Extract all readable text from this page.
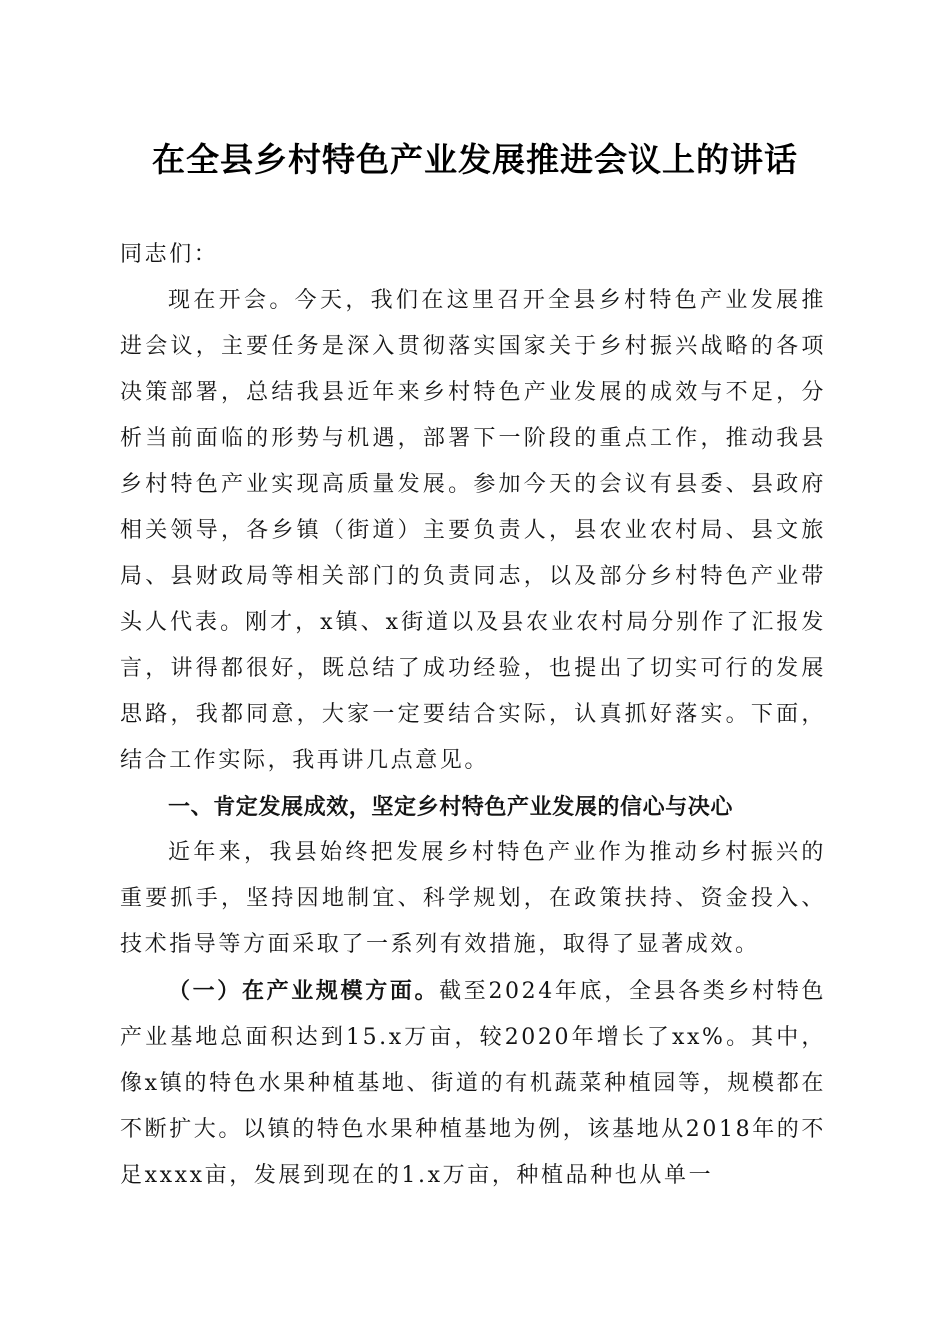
在全县乡村特色产业发展推进会议上的讲话

同志们：

现在开会。今天，我们在这里召开全县乡村特色产业发展推进会议，主要任务是深入贯彻落实国家关于乡村振兴战略的各项决策部署，总结我县近年来乡村特色产业发展的成效与不足，分析当前面临的形势与机遇，部署下一阶段的重点工作，推动我县乡村特色产业实现高质量发展。参加今天的会议有县委、县政府相关领导，各乡镇（街道）主要负责人，县农业农村局、县文旅局、县财政局等相关部门的负责同志，以及部分乡村特色产业带头人代表。刚才，x镇、x街道以及县农业农村局分别作了汇报发言，讲得都很好，既总结了成功经验，也提出了切实可行的发展思路，我都同意，大家一定要结合实际，认真抓好落实。下面，结合工作实际，我再讲几点意见。

一、肯定发展成效，坚定乡村特色产业发展的信心与决心

近年来，我县始终把发展乡村特色产业作为推动乡村振兴的重要抓手，坚持因地制宜、科学规划，在政策扶持、资金投入、技术指导等方面采取了一系列有效措施，取得了显著成效。

（一）在产业规模方面。截至2024年底，全县各类乡村特色产业基地总面积达到15.x万亩，较2020年增长了xx%。其中，像x镇的特色水果种植基地、街道的有机蔬菜种植园等，规模都在不断扩大。以镇的特色水果种植基地为例，该基地从2018年的不足xxxx亩，发展到现在的1.x万亩，种植品种也从单一
